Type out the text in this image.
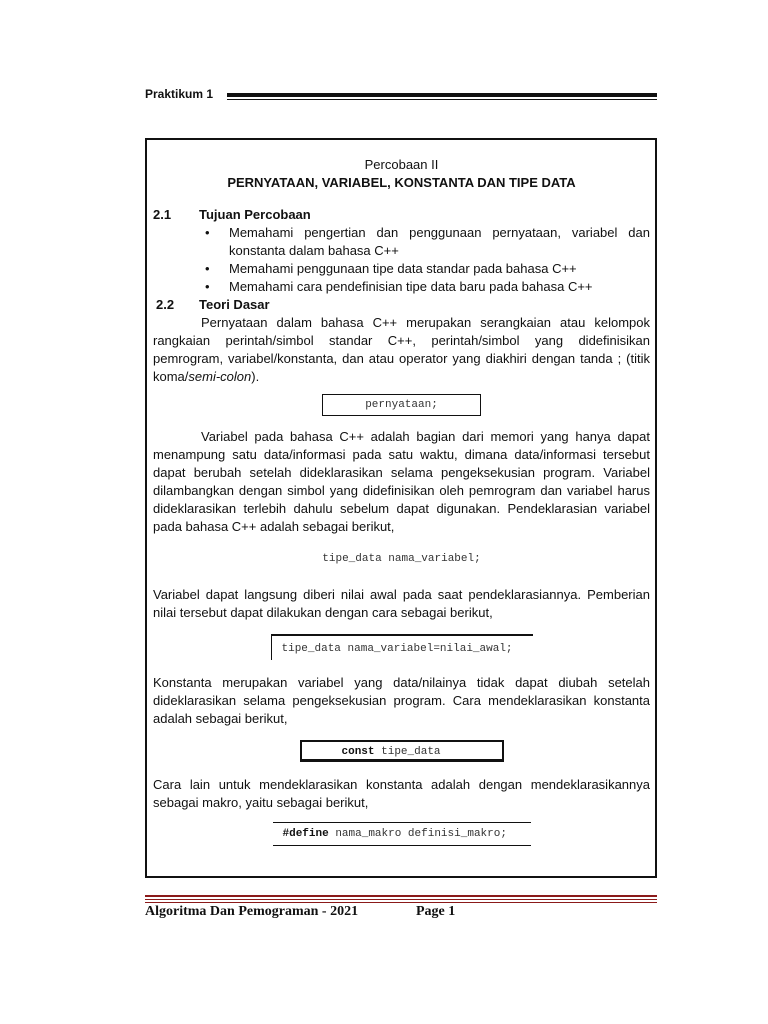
Praktikum 1
Percobaan II
PERNYATAAN, VARIABEL, KONSTANTA DAN TIPE DATA
2.1 Tujuan Percobaan
• Memahami pengertian dan penggunaan pernyataan, variabel dan konstanta dalam bahasa C++
• Memahami penggunaan tipe data standar pada bahasa C++
• Memahami cara pendefinisian tipe data baru pada bahasa C++
2.2 Teori Dasar

Pernyataan dalam bahasa C++ merupakan serangkaian atau kelompok rangkaian perintah/simbol standar C++, perintah/simbol yang didefinisikan pemrogram, variabel/konstanta, dan atau operator yang diakhiri dengan tanda ; (titik koma/semi-colon).

pernyataan;

Variabel pada bahasa C++ adalah bagian dari memori yang hanya dapat menampung satu data/informasi pada satu waktu, dimana data/informasi tersebut dapat berubah setelah dideklarasikan selama pengeksekusian program. Variabel dilambangkan dengan simbol yang didefinisikan oleh pemrogram dan variabel harus dideklarasikan terlebih dahulu sebelum dapat digunakan. Pendeklarasian variabel pada bahasa C++ adalah sebagai berikut,

tipe_data nama_variabel;

Variabel dapat langsung diberi nilai awal pada saat pendeklarasiannya. Pemberian nilai tersebut dapat dilakukan dengan cara sebagai berikut,

tipe_data nama_variabel=nilai_awal;

Konstanta merupakan variabel yang data/nilainya tidak dapat diubah setelah dideklarasikan selama pengeksekusian program. Cara mendeklarasikan konstanta adalah sebagai berikut,

const tipe_data

Cara lain untuk mendeklarasikan konstanta adalah dengan mendeklarasikannya sebagai makro, yaitu sebagai berikut,

#define nama_makro definisi_makro;
Algoritma Dan Pemograman - 2021	Page 1
